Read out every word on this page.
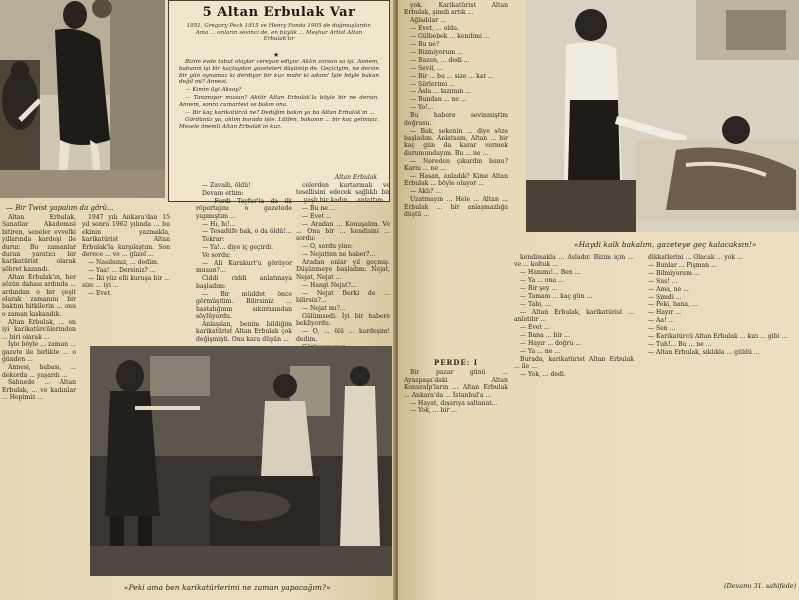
— Bir Twist yapalım da görü...
5 Altan Erbulak Var
1951, Gregory Peck 1915 ve Henry Fonda 1905 de doğmuşlardır. Ama ... onların sevinci de, en büyük ... Meşhur Artist Altan Erbulak'tır
★

Bizim evde tabut olaylar cereyan ediyor. Aklın zorsun sa işi. Annem, babanın işi bir kaçtaydan gazeteleri düşünüp de. Geçiciyim, ne dersin bir gün oynamaz ki derdiyor bir kızı mıdır ki adam! İşte böyle bakan değil mi? Annesi.

— Kimin ilgi Aksoy?

— Tanımıyor musun? Aktör Altan Erbulak'la böyle bir ne dersin. Annem, sonra cumartesi ve bakın ona.

— Bir kaç karikatürcü ne? Dediğim bakın ya bu Altan Erbulak'ın ...

Gördünüz ya, aklım burada işte. Lütfen, bakanın ... bir kaç gelmişiz. Mesele önemli Altan Erbulak'ın kızı.

Altan Erbulak

Altan Erbulak, Sanatlar Akademisi bitiren, seneler evvelki yıllarında kardeşi ile durur. Bu zamanlar duran yaratıcı bir karikatürist olarak şöhret kazandı.

Altan Erbulak'ın, her sözün dahası ardında ... ardından o bir çeşit olarak zamanını bir baktım bitkilerin ... onu o zaman kıskandık.

Altan Erbulak, ... en iyi karikatürcülerinden ... biri olarak ...

İşte böyle ... zaman ... gazete ile birlikte ... o günden ...

Annesi, babası, ... dekorda ... yaşardı ...

Sahnede ... Altan Erbulak, ... ve kadınlar ... Hepimiz ...

1947 yılı Ankara'dan 15 yıl sonra 1962 yılında ... bu ekinin yazmakla, karikatürist Altan Erbulak'la karşılaştım. Son derece ... ve ... güzel ...

— Nasılsınız, ... dedim.

— Yaa! ... Dersiniz? ...

— İki yüz elli kuruşa bir ... size ... iyi ...

— Evet.

— Zavallı, öldü!

Devam ettim:

— Ferdi Tayfur'la da ilk röportajını o gazetede yapmıştım ...

— Hı, hı!...

— Tesadüfe bak, o da öldü!...

Tekrar:

— Ya!... diye iç geçirdi.

Ve sordu:

— Ali Karakurt'u görüyor musun?...

Ciddi ciddi anlatmaya başladım:

— Bir müddet önce görmüştüm. Bilirsiniz ... hastalığının sıkıntısından söylüyordu.

Anlaşılan, benim bildiğim karikatürist Altan Erbulak çok değişmişti. Onu kara düşün ...

celerden kurtarmalı ve tesellisini edecek sağlıklı bir ... yaşlı bir kadın ... anlattım.

— Bu ne ...

— Evet ...

— Aradan ... Konuşalım. Ve ... Onu bir ... kendisini ... sordu:

— O, sordu yine:

— Nejatten ne haber?...

Aradan onlar yıl geçmiş. Düşünmeye başladım: Nejat, Nejat, Nejat ...

— Hangi Nejat?...

— Nejat Berki de ... bilirsin?...

— Nejat mı?...

Gülümsedi. İyi bir habere bekliyordu.

— O, ... ölü ... kardeşim! dedim.

«Peki ama ben karikatürlerimi ne zaman yapacağım?»

yok. Karikatürist Altan Erbulak, şimdi artık ...

Ağladılar ...

— Evet, ... oldu.

— Gülbebek ... kendimi ...

— Bu ne?

— Bizmiyorum ...

— Bazen, ... dedi ...

— Sevil, ...

— Bir ... bu ... size ... kat ...

— Şiirlerimi ...

— Asla ... kızımın ...

— Bundan ... ne ...

— Yo!...

Bu habere sevinmiştim doğrusu.

— Bak, sokenin ... diye söze başladım. Anlatsam, Altan ... bir kaç gün da karar vermek durumundayım. Bu ... ne ...

— Nereden çıkardın bunu? Karnı ... ne ...

— Hasan, anladık? Kime Altan Erbulak ... böyle oluyor ...

— Aklı? ...

Uzatmayın ... Hele ... Altan ... Erbulak ... bir anlaşmazlığa düştü ...

PERDE: I

Bir pazar günü ... Ayazpaşa'daki Altan Konuralp'ların ... Altan Erbulak ... Ankara'da ... İstanbul'a ...

— Hayat, dışarıya saltanat...

— Yok, ... bir ...

«Haydi kalk bakalım, gazeteye geç kalacaksın!»

kendimakla ... Asladır. Bizim için ... ve ... koltuk ...

— Hanımı!... Ben ...

— Ya ... ona ...

— Bir şey ...

— Tamam ... kaç gün ...

— Tabi, ...

— Altan Erbulak, karikatürist ... anlatılır ...

— Evet ...

— Bana ... bir ...

— Hayır ... doğru ...

— Ya ... ne ...

Burada, karikatürist Altan Erbulak ... ile ...

— Yok, ... dedi.

dikkatlerini ... Olacak ... yok ...

— Bunlar ... Pişman ...

— Bilmiyorum ...

— Sus! ...

— Ama, ne ...

— Şimdi ...

— Peki, bana, ...

— Hayır ...

— Aa! ...

— Sen ...

— Karikatürcü Altan Erbulak ... kızı ... gibi ...

— Tuh!... Bu ... ne ...

— Altan Erbulak, sıklıkla ... güldü ...

(Devamı 31. sahifede)
